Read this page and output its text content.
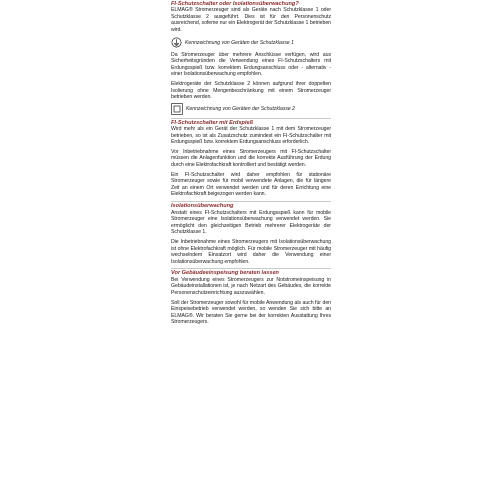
FI-Schutzschalter oder Isolationsüberwachung?

ELMAG® Stromerzeuger sind als Geräte nach Schutzklasse 1 oder Schutzklasse 2 ausgeführt. Dies ist für den Personenschutz ausreichend, sofeme nur ein Elektrogerät der Schutzklasse 1 betrieben wird.

Kennzeichnung von Geräten der Schutzklasse 1

Da Stromerzeuger über mehrere Anschlüsse verfügen, wird aus Sicherheitsgründen die Verwendung eines FI-Schutzschalters mit Erdungsspieß bzw. korrektem Erdungsanschluss oder - alternativ - einer Isolationsüberwachung empfohlen.

Elektrogeräte der Schutzklasse 2 können aufgrund ihrer doppelten Isolierung ohne Mengenbeschränkung mit einem Stromerzeuger betrieben werden.

Kennzeichnung von Geräten der Schutzklasse 2

FI-Schutzschalter mit Erdspieß

Wird mehr als ein Gerät der Schutzklasse 1 mit dem Stromerzeuger betrieben, so ist als Zusatzschutz zumindest ein FI-Schutzschalter mit Erdungsspieß bzw. korrektem Erdungsanschluss erforderlich.

Vor Inbetriebnahme eines Stromerzeugers mit FI-Schutzschalter müssen die Anlagenfunktion und die korrekte Ausführung der Erdung durch eine Elektrofachkraft kontrolliert und bestätigt werden.

Ein FI-Schutzschalter wird daher empfohlen für stationäre Stromerzeuger sowie für mobil verwendete Anlagen, die für längere Zeit an einem Ort verwendet werden und für deren Errichtung eine Elektrofachkraft beigezogen werden kann.

Isolationsüberwachung

Anstatt eines FI-Schutzschalters mit Erdungsspieß kann für mobile Stromerzeuger eine Isolationsüberwachung verwendet werden. Sie ermöglicht den gleichzeitigen Betrieb mehrerer Elektrogeräte der Schutzklasse 1.

Die Inbetriebnahme eines Stromerzeugers mit Isolationsüberwachung ist ohne Elektrofachkraft möglich. Für mobile Stromerzeuger mit häufig wechselndem Einsatzort wird daher die Verwendung einer Isolationsüberwachung empfohlen.

Vor Gebäudeeinspeisung beraten lassen

Bei Verwendung eines Stromerzeugers zur Notstromeinspeisung in Gebäudeinstallationen ist, je nach Netzart des Gebäudes, die korrekte Personenschutzeinrichtung auszuwählen.

Soll der Stromerzeuger sowohl für mobile Anwendung als auch für den Einspeisebetrieb verwendet werden, so wenden Sie sich bitte an ELMAG®. Wir beraten Sie gerne bei der korrekten Ausstattung Ihres Stromerzeugers.
